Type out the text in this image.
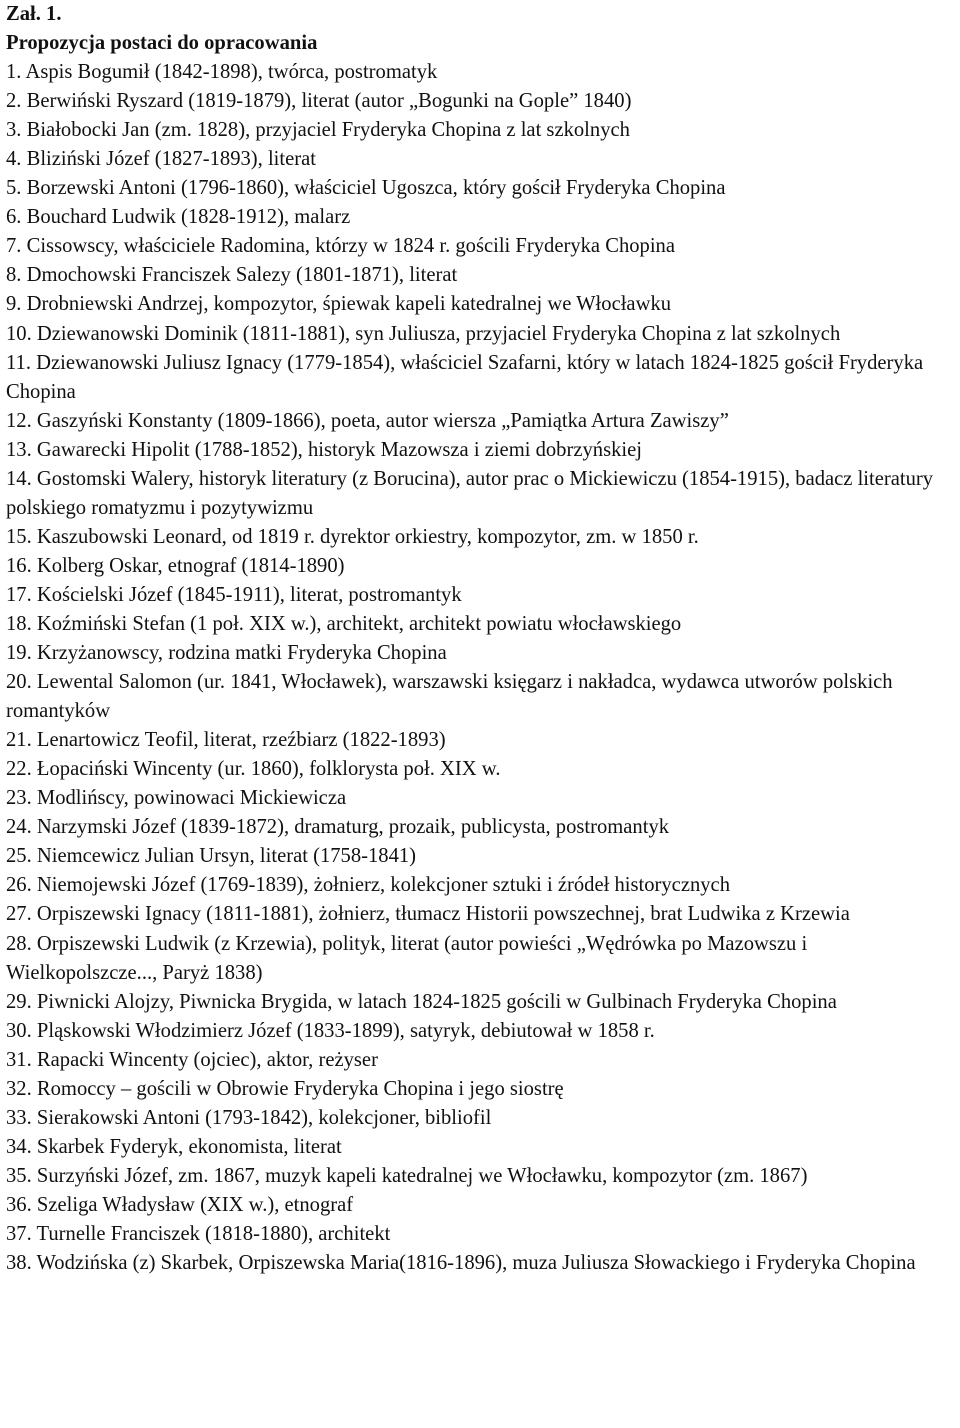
Zał. 1.
Propozycja postaci do opracowania
1. Aspis Bogumił (1842-1898), twórca, postromatyk
2. Berwiński Ryszard (1819-1879), literat (autor „Bogunki na Gople” 1840)
3. Białobocki Jan (zm. 1828), przyjaciel Fryderyka Chopina z lat szkolnych
4. Bliziński Józef (1827-1893), literat
5. Borzewski Antoni (1796-1860), właściciel Ugoszca, który gościł Fryderyka Chopina
6. Bouchard Ludwik (1828-1912), malarz
7. Cissowscy, właściciele Radomina, którzy w 1824 r. gościli Fryderyka Chopina
8. Dmochowski Franciszek Salezy (1801-1871), literat
9. Drobniewski Andrzej, kompozytor, śpiewak kapeli katedralnej we Włocławku
10. Dziewanowski Dominik (1811-1881), syn Juliusza, przyjaciel Fryderyka Chopina z lat szkolnych
11. Dziewanowski Juliusz Ignacy (1779-1854), właściciel Szafarni, który w latach 1824-1825 gościł Fryderyka Chopina
12. Gaszyński Konstanty (1809-1866), poeta, autor wiersza „Pamiątka Artura Zawiszy”
13. Gawarecki Hipolit (1788-1852), historyk Mazowsza i ziemi dobrzyńskiej
14. Gostomski Walery, historyk literatury (z Borucina), autor prac o Mickiewiczu (1854-1915), badacz literatury polskiego romatyzmu i pozytywizmu
15. Kaszubowski Leonard, od 1819 r. dyrektor orkiestry, kompozytor, zm. w 1850 r.
16. Kolberg Oskar, etnograf (1814-1890)
17. Kościelski Józef (1845-1911), literat, postromantyk
18. Koźmiński Stefan (1 poł. XIX w.), architekt, architekt powiatu włocławskiego
19. Krzyżanowscy, rodzina matki Fryderyka Chopina
20. Lewental Salomon (ur. 1841, Włocławek), warszawski księgarz i nakładca, wydawca utworów polskich romantyków
21. Lenartowicz Teofil, literat, rzeźbiarz (1822-1893)
22. Łopaciński Wincenty (ur. 1860), folklorysta poł. XIX w.
23. Modlińscy, powinowaci Mickiewicza
24. Narzymski Józef (1839-1872), dramaturg, prozaik, publicysta, postromantyk
25. Niemcewicz Julian Ursyn, literat (1758-1841)
26. Niemojewski Józef (1769-1839), żołnierz, kolekcjoner sztuki i źródeł historycznych
27. Orpiszewski Ignacy (1811-1881), żołnierz, tłumacz Historii powszechnej, brat Ludwika z Krzewia
28. Orpiszewski Ludwik (z Krzewia), polityk, literat (autor powieści „Wędrówka po Mazowszu i Wielkopolszcze..., Paryż 1838)
29. Piwnicki Alojzy, Piwnicka Brygida, w latach 1824-1825 gościli w Gulbinach Fryderyka Chopina
30. Pląskowski Włodzimierz Józef (1833-1899), satyryk, debiutował w 1858 r.
31. Rapacki Wincenty (ojciec), aktor, reżyser
32. Romoccy – gościli w Obrowie Fryderyka Chopina i jego siostrę
33. Sierakowski Antoni (1793-1842), kolekcjoner, bibliofil
34. Skarbek Fyderyk, ekonomista, literat
35. Surzyński Józef, zm. 1867, muzyk kapeli katedralnej we Włocławku, kompozytor (zm. 1867)
36. Szeliga Władysław (XIX w.), etnograf
37. Turnelle Franciszek (1818-1880), architekt
38. Wodzińska (z) Skarbek, Orpiszewska Maria(1816-1896), muza Juliusza Słowackiego i Fryderyka Chopina
